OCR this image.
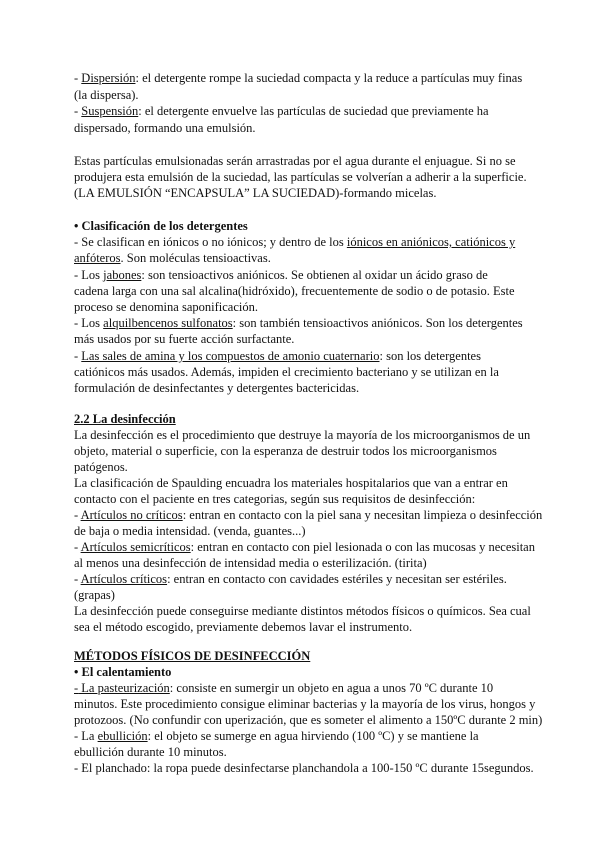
- Dispersión: el detergente rompe la suciedad compacta y la reduce a partículas muy finas
(la dispersa).
- Suspensión: el detergente envuelve las partículas de suciedad que previamente ha
dispersado, formando una emulsión.
Estas partículas emulsionadas serán arrastradas por el agua durante el enjuague. Si no se
produjera esta emulsión de la suciedad, las partículas se volverían a adherir a la superficie.
(LA EMULSIÓN “ENCAPSULA” LA SUCIEDAD)-formando micelas.
• Clasificación de los detergentes
- Se clasifican en iónicos o no iónicos; y dentro de los iónicos en aniónicos, catiónicos y
anfóteros. Son moléculas tensioactivas.
- Los jabones: son tensioactivos aniónicos. Se obtienen al oxidar un ácido graso de
cadena larga con una sal alcalina(hidróxido), frecuentemente de sodio o de potasio. Este
proceso se denomina saponificación.
- Los alquilbencenos sulfonatos: son también tensioactivos aniónicos. Son los detergentes
más usados por su fuerte acción surfactante.
- Las sales de amina y los compuestos de amonio cuaternario: son los detergentes
catiónicos más usados. Además, impiden el crecimiento bacteriano y se utilizan en la
formulación de desinfectantes y detergentes bactericidas.
2.2 La desinfección
La desinfección es el procedimiento que destruye la mayoría de los microorganismos de un
objeto, material o superficie, con la esperanza de destruir todos los microorganismos
patógenos.
La clasificación de Spaulding encuadra los materiales hospitalarios que van a entrar en
contacto con el paciente en tres categorias, según sus requisitos de desinfección:
- Artículos no críticos: entran en contacto con la piel sana y necesitan limpieza o desinfección
de baja o media intensidad. (venda, guantes...)
- Artículos semicríticos: entran en contacto con piel lesionada o con las mucosas y necesitan
al menos una desinfección de intensidad media o esterilización. (tirita)
- Artículos críticos: entran en contacto con cavidades estériles y necesitan ser estériles.
(grapas)
La desinfección puede conseguirse mediante distintos métodos físicos o químicos. Sea cual
sea el método escogido, previamente debemos lavar el instrumento.
MÉTODOS FÍSICOS DE DESINFECCIÓN
• El calentamiento
- La pasteurización: consiste en sumergir un objeto en agua a unos 70 ºC durante 10
minutos. Este procedimiento consigue eliminar bacterias y la mayoría de los virus, hongos y
protozoos. (No confundir con uperización, que es someter el alimento a 150ºC durante 2 min)
- La ebullición: el objeto se sumerge en agua hirviendo (100 ºC) y se mantiene la
ebullición durante 10 minutos.
- El planchado: la ropa puede desinfectarse planchandola a 100-150 ºC durante 15segundos.
